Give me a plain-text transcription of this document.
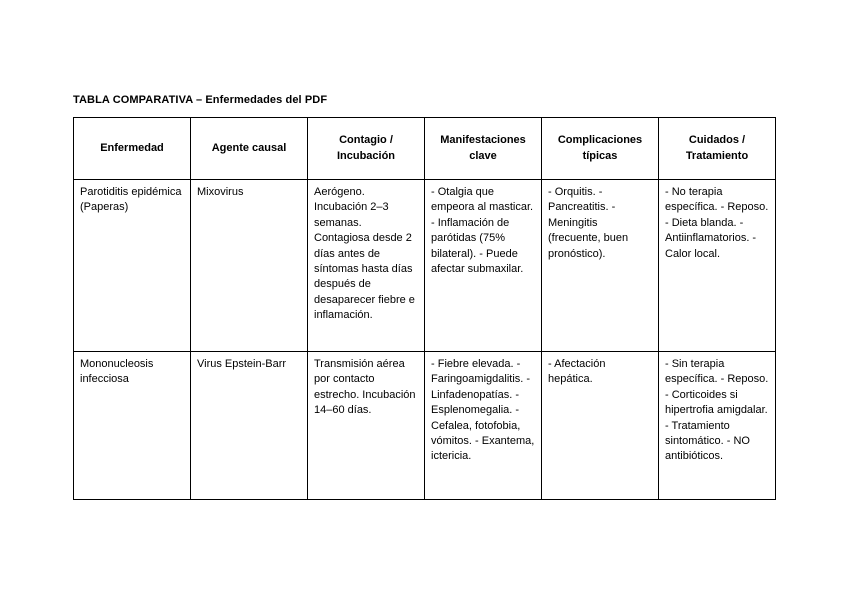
TABLA COMPARATIVA – Enfermedades del PDF
Enfermedad	Agente causal	Contagio / Incubación	Manifestaciones clave	Complicaciones típicas	Cuidados / Tratamiento
Parotiditis epidémica (Paperas)	Mixovirus	Aerógeno. Incubación 2–3 semanas. Contagiosa desde 2 días antes de síntomas hasta días después de desaparecer fiebre e inflamación.	- Otalgia que empeora al masticar. - Inflamación de parótidas (75% bilateral). - Puede afectar submaxilar.	- Orquitis. - Pancreatitis. - Meningitis (frecuente, buen pronóstico).	- No terapia específica. - Reposo. - Dieta blanda. - Antiinflamatorios. - Calor local.
Mononucleosis infecciosa	Virus Epstein-Barr	Transmisión aérea por contacto estrecho. Incubación 14–60 días.	- Fiebre elevada. - Faringoamigdalitis. - Linfadenopatías. - Esplenomegalia. - Cefalea, fotofobia, vómitos. - Exantema, ictericia.	- Afectación hepática.	- Sin terapia específica. - Reposo. - Corticoides si hipertrofia amigdalar. - Tratamiento sintomático. - NO antibióticos.
